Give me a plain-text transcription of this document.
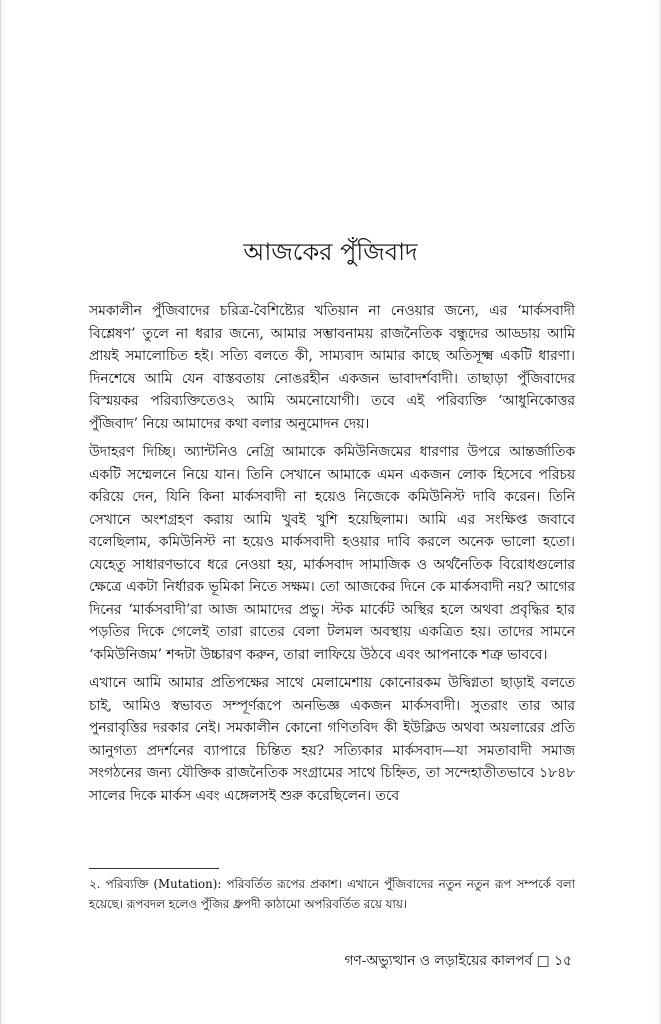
আজকের পুঁজিবাদ

সমকালীন পুঁজিবাদের চরিত্র-বৈশিষ্ট্যের খতিয়ান না নেওয়ার জন্যে, এর ‘মার্কসবাদী বিশ্লেষণ’ তুলে না ধরার জন্যে, আমার সম্ভাবনাময় রাজনৈতিক বন্ধুদের আড্ডায় আমি প্রায়ই সমালোচিত হই। সত্যি বলতে কী, সাম্যবাদ আমার কাছে অতিসূক্ষ্ম একটি ধারণা। দিনশেষে আমি যেন বাস্তবতায় নোঙরহীন একজন ভাবাদর্শবাদী। তাছাড়া পুঁজিবাদের বিস্ময়কর পরিব্যক্তিতেও২ আমি অমনোযোগী। তবে এই পরিব্যক্তি ‘আধুনিকোত্তর পুঁজিবাদ’ নিয়ে আমাদের কথা বলার অনুমোদন দেয়।

উদাহরণ দিচ্ছি। অ্যান্টনিও নেগ্রি আমাকে কমিউনিজমের ধারণার উপরে আন্তর্জাতিক একটি সম্মেলনে নিয়ে যান। তিনি সেখানে আমাকে এমন একজন লোক হিসেবে পরিচয় করিয়ে দেন, যিনি কিনা মার্কসবাদী না হয়েও নিজেকে কমিউনিস্ট দাবি করেন। তিনি সেখানে অংশগ্রহণ করায় আমি খুবই খুশি হয়েছিলাম। আমি এর সংক্ষিপ্ত জবাবে বলেছিলাম, কমিউনিস্ট না হয়েও মার্কসবাদী হওয়ার দাবি করলে অনেক ভালো হতো। যেহেতু সাধারণভাবে ধরে নেওয়া হয়, মার্কসবাদ সামাজিক ও অর্থনৈতিক বিরোধগুলোর ক্ষেত্রে একটা নির্ধারক ভূমিকা নিতে সক্ষম। তো আজকের দিনে কে মার্কসবাদী নয়? আগের দিনের ‘মার্কসবাদী’রা আজ আমাদের প্রভু। স্টক মার্কেট অস্থির হলে অথবা প্রবৃদ্ধির হার পড়তির দিকে গেলেই তারা রাতের বেলা টলমল অবস্থায় একত্রিত হয়। তাদের সামনে ‘কমিউনিজম’ শব্দটা উচ্চারণ করুন, তারা লাফিয়ে উঠবে এবং আপনাকে শত্রু ভাববে।

এখানে আমি আমার প্রতিপক্ষের সাথে মেলামেশায় কোনোরকম উদ্বিগ্নতা ছাড়াই বলতে চাই, আমিও স্বভাবত সম্পূর্ণরূপে অনভিজ্ঞ একজন মার্কসবাদী। সুতরাং তার আর পুনরাবৃত্তির দরকার নেই। সমকালীন কোনো গণিতবিদ কী ইউক্লিড অথবা অয়লারের প্রতি আনুগত্য প্রদর্শনের ব্যাপারে চিন্তিত হয়? সত্যিকার মার্কসবাদ—যা সমতাবাদী সমাজ সংগঠনের জন্য যৌক্তিক রাজনৈতিক সংগ্রামের সাথে চিহ্নিত, তা সন্দেহাতীতভাবে ১৮৪৮ সালের দিকে মার্কস এবং এঙ্গেলসই শুরু করেছিলেন। তবে

২. পরিব্যক্তি (Mutation): পরিবর্তিত রূপের প্রকাশ। এখানে পুঁজিবাদের নতুন নতুন রূপ সম্পর্কে বলা হয়েছে। রূপবদল হলেও পুঁজির ধ্রুপদী কাঠামো অপরিবর্তিত রয়ে যায়।

গণ-অভ্যুত্থান ও লড়াইয়ের কালপর্ব □ ১৫
